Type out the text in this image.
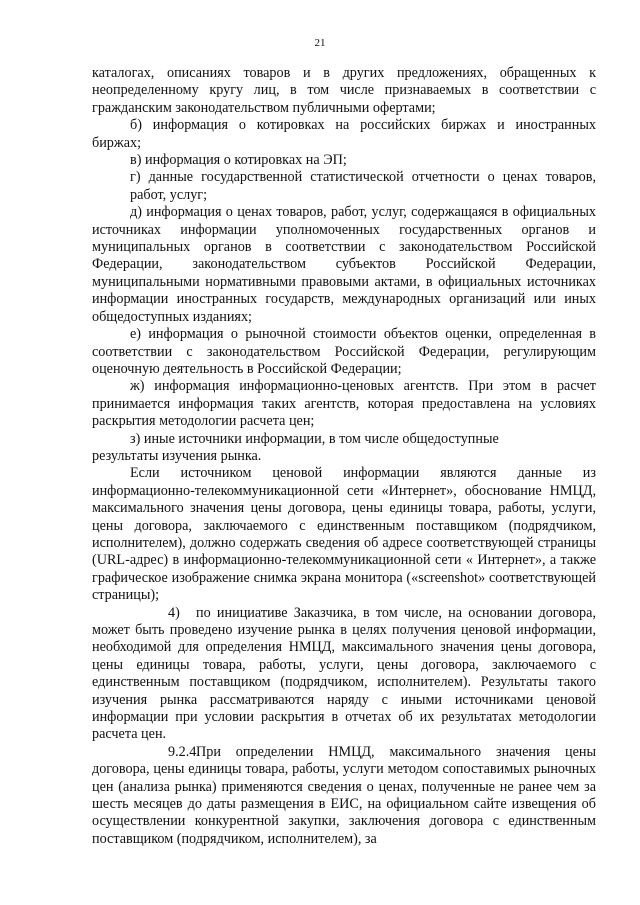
21

каталогах, описаниях товаров и в других предложениях, обращенных к неопределенному кругу лиц, в том числе признаваемых в соответствии с гражданским законодательством публичными офертами;

б) информация о котировках на российских биржах и иностранных

биржах;

в) информация о котировках на ЭП;

г) данные государственной статистической отчетности о ценах товаров,

работ, услуг;

д) информация о ценах товаров, работ, услуг, содержащаяся в официальных источниках информации уполномоченных государственных органов и муниципальных органов в соответствии с законодательством Российской Федерации, законодательством субъектов Российской Федерации, муниципальными нормативными правовыми актами, в официальных источниках информации иностранных государств, международных организаций или иных общедоступных изданиях;

е) информация о рыночной стоимости объектов оценки, определенная в соответствии с законодательством Российской Федерации, регулирующим оценочную деятельность в Российской Федерации;

ж) информация информационно-ценовых агентств. При этом в расчет

принимается информация таких агентств, которая предоставлена на условиях раскрытия методологии расчета цен;

з) иные источники информации, в том числе общедоступные

результаты изучения рынка.

Если источником ценовой информации являются данные из информационно-телекоммуникационной сети «Интернет», обоснование НМЦД, максимального значения цены договора, цены единицы товара, работы, услуги, цены договора, заключаемого с единственным поставщиком (подрядчиком, исполнителем), должно содержать сведения об адресе соответствующей страницы (URL-адрес) в информационно-телекоммуникационной сети « Интернет», а также графическое изображение снимка экрана монитора («screenshot» соответствующей страницы);

4) по инициативе Заказчика, в том числе, на основании договора, может быть проведено изучение рынка в целях получения ценовой информации, необходимой для определения НМЦД, максимального значения цены договора, цены единицы товара, работы, услуги, цены договора, заключаемого с единственным поставщиком (подрядчиком, исполнителем). Результаты такого изучения рынка рассматриваются наряду с иными источниками ценовой информации при условии раскрытия в отчетах об их результатах методологии расчета цен.

9.2.4.При определении НМЦД, максимального значения цены договора, цены единицы товара, работы, услуги методом сопоставимых рыночных цен (анализа рынка) применяются сведения о ценах, полученные не ранее чем за шесть месяцев до даты размещения в ЕИС, на официальном сайте извещения об осуществлении конкурентной закупки, заключения договора с единственным поставщиком (подрядчиком, исполнителем), за
